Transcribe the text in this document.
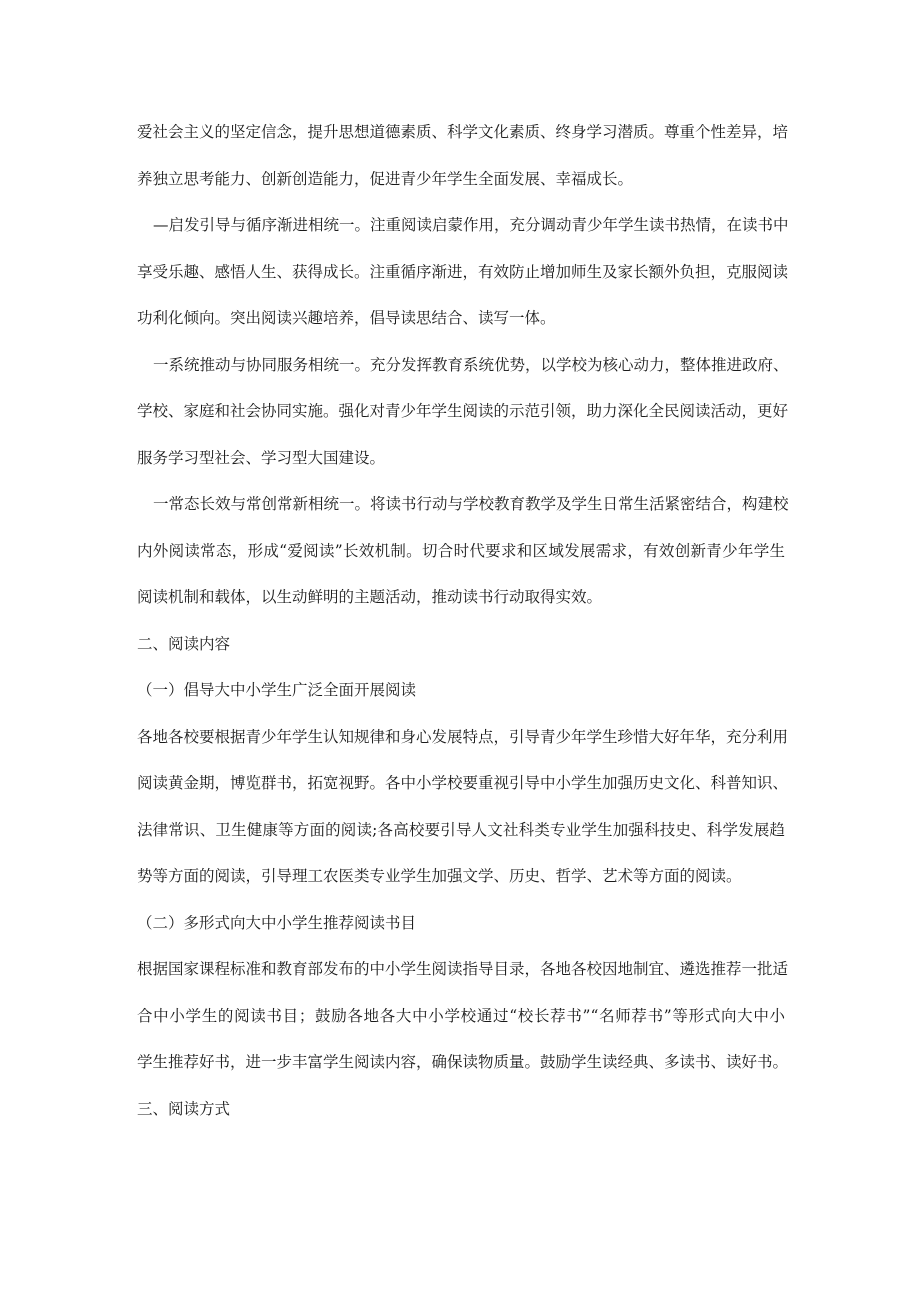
爱社会主义的坚定信念，提升思想道德素质、科学文化素质、终身学习潜质。尊重个性差异，培
养独立思考能力、创新创造能力，促进青少年学生全面发展、幸福成长。
—启发引导与循序渐进相统一。注重阅读启蒙作用，充分调动青少年学生读书热情，在读书中
享受乐趣、感悟人生、获得成长。注重循序渐进，有效防止增加师生及家长额外负担，克服阅读
功利化倾向。突出阅读兴趣培养，倡导读思结合、读写一体。
一系统推动与协同服务相统一。充分发挥教育系统优势，以学校为核心动力，整体推进政府、
学校、家庭和社会协同实施。强化对青少年学生阅读的示范引领，助力深化全民阅读活动，更好
服务学习型社会、学习型大国建设。
一常态长效与常创常新相统一。将读书行动与学校教育教学及学生日常生活紧密结合，构建校
内外阅读常态，形成“爱阅读”长效机制。切合时代要求和区域发展需求，有效创新青少年学生
阅读机制和载体，以生动鲜明的主题活动，推动读书行动取得实效。
二、阅读内容
（一）倡导大中小学生广泛全面开展阅读
各地各校要根据青少年学生认知规律和身心发展特点，引导青少年学生珍惜大好年华，充分利用
阅读黄金期，博览群书，拓宽视野。各中小学校要重视引导中小学生加强历史文化、科普知识、
法律常识、卫生健康等方面的阅读;各高校要引导人文社科类专业学生加强科技史、科学发展趋
势等方面的阅读，引导理工农医类专业学生加强文学、历史、哲学、艺术等方面的阅读。
（二）多形式向大中小学生推荐阅读书目
根据国家课程标准和教育部发布的中小学生阅读指导目录，各地各校因地制宜、遴选推荐一批适
合中小学生的阅读书目；鼓励各地各大中小学校通过“校长荐书”“名师荐书”等形式向大中小
学生推荐好书，进一步丰富学生阅读内容，确保读物质量。鼓励学生读经典、多读书、读好书。
三、阅读方式
